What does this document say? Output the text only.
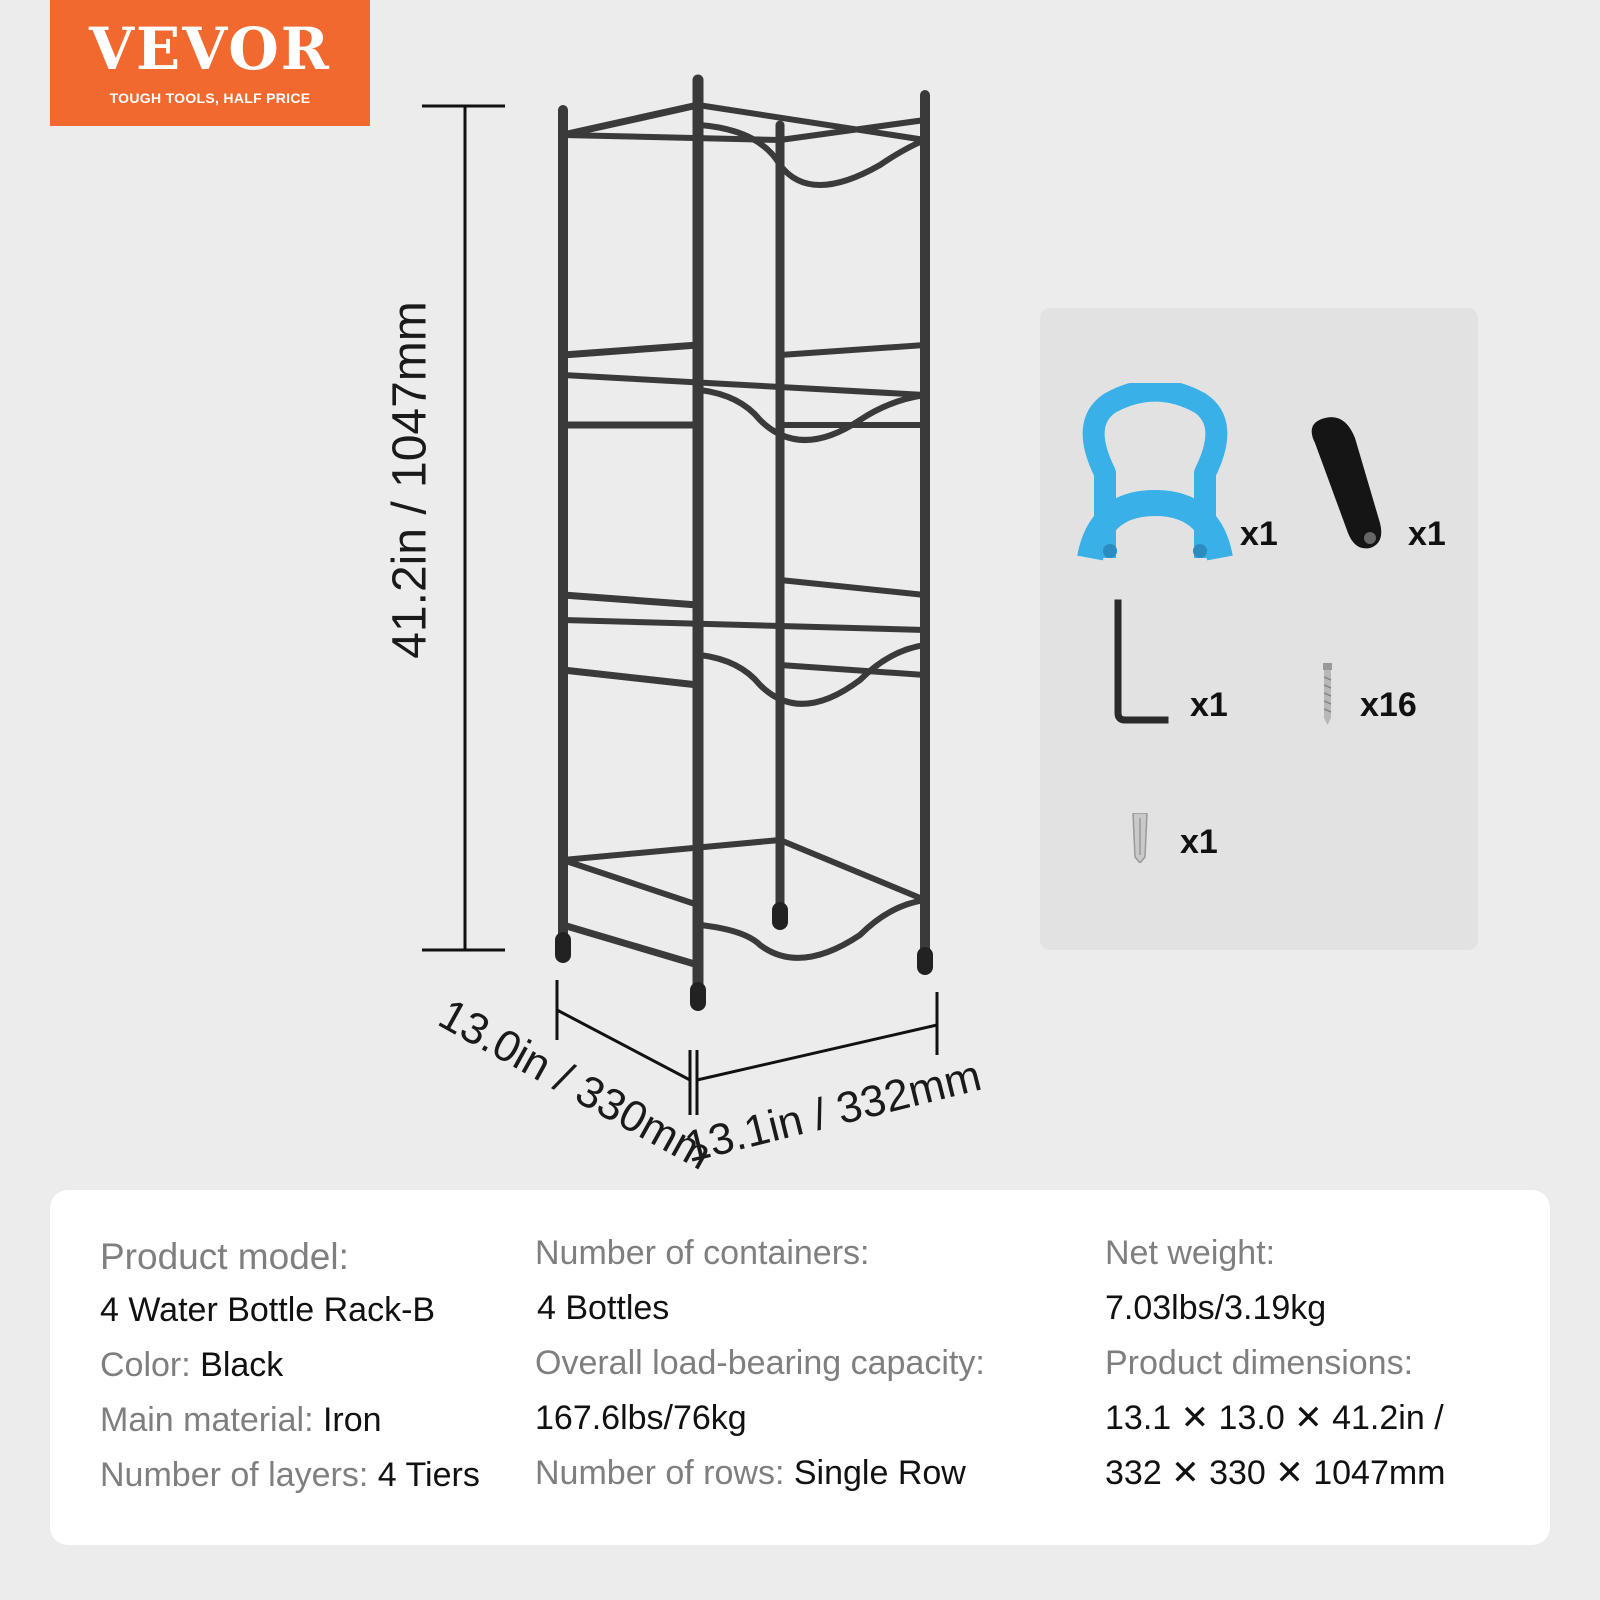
VEVOR
TOUGH TOOLS, HALF PRICE
41.2in / 1047mm
13.0in / 330mm
13.1in / 332mm
x1	x1
x1	x16
x1
Product model:
4 Water Bottle Rack-B
Color: Black
Main material: Iron
Number of layers: 4 Tiers
Number of containers:
4 Bottles
Overall load-bearing capacity:
167.6lbs/76kg
Number of rows: Single Row
Net weight:
7.03lbs/3.19kg
Product dimensions:
13.1 ✕ 13.0 ✕ 41.2in /
332 ✕ 330 ✕ 1047mm
